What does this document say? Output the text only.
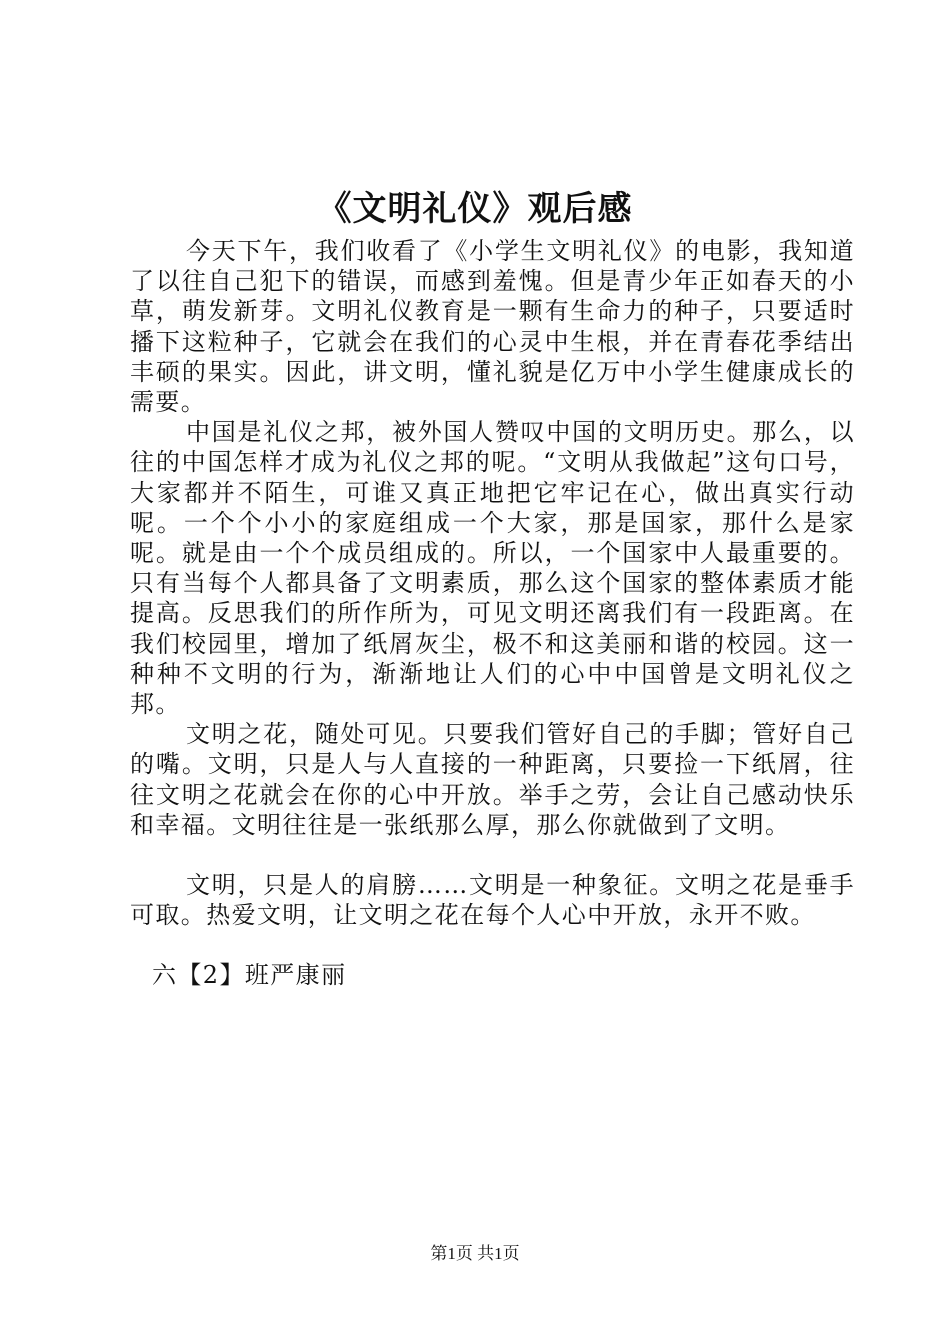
《文明礼仪》观后感

今天下午，我们收看了《小学生文明礼仪》的电影，我知道了以往自己犯下的错误，而感到羞愧。但是青少年正如春天的小草，萌发新芽。文明礼仪教育是一颗有生命力的种子，只要适时播下这粒种子，它就会在我们的心灵中生根，并在青春花季结出丰硕的果实。因此，讲文明，懂礼貌是亿万中小学生健康成长的需要。

中国是礼仪之邦，被外国人赞叹中国的文明历史。那么，以往的中国怎样才成为礼仪之邦的呢。“文明从我做起”这句口号，大家都并不陌生，可谁又真正地把它牢记在心，做出真实行动呢。一个个小小的家庭组成一个大家，那是国家，那什么是家呢。就是由一个个成员组成的。所以，一个国家中人最重要的。只有当每个人都具备了文明素质，那么这个国家的整体素质才能提高。反思我们的所作所为，可见文明还离我们有一段距离。在我们校园里，增加了纸屑灰尘，极不和这美丽和谐的校园。这一种种不文明的行为，渐渐地让人们的心中中国曾是文明礼仪之邦。

文明之花，随处可见。只要我们管好自己的手脚；管好自己的嘴。文明，只是人与人直接的一种距离，只要捡一下纸屑，往往文明之花就会在你的心中开放。举手之劳，会让自己感动快乐和幸福。文明往往是一张纸那么厚，那么你就做到了文明。

文明，只是人的肩膀……文明是一种象征。文明之花是垂手可取。热爱文明，让文明之花在每个人心中开放，永开不败。

六【2】班严康丽

第1页 共1页
